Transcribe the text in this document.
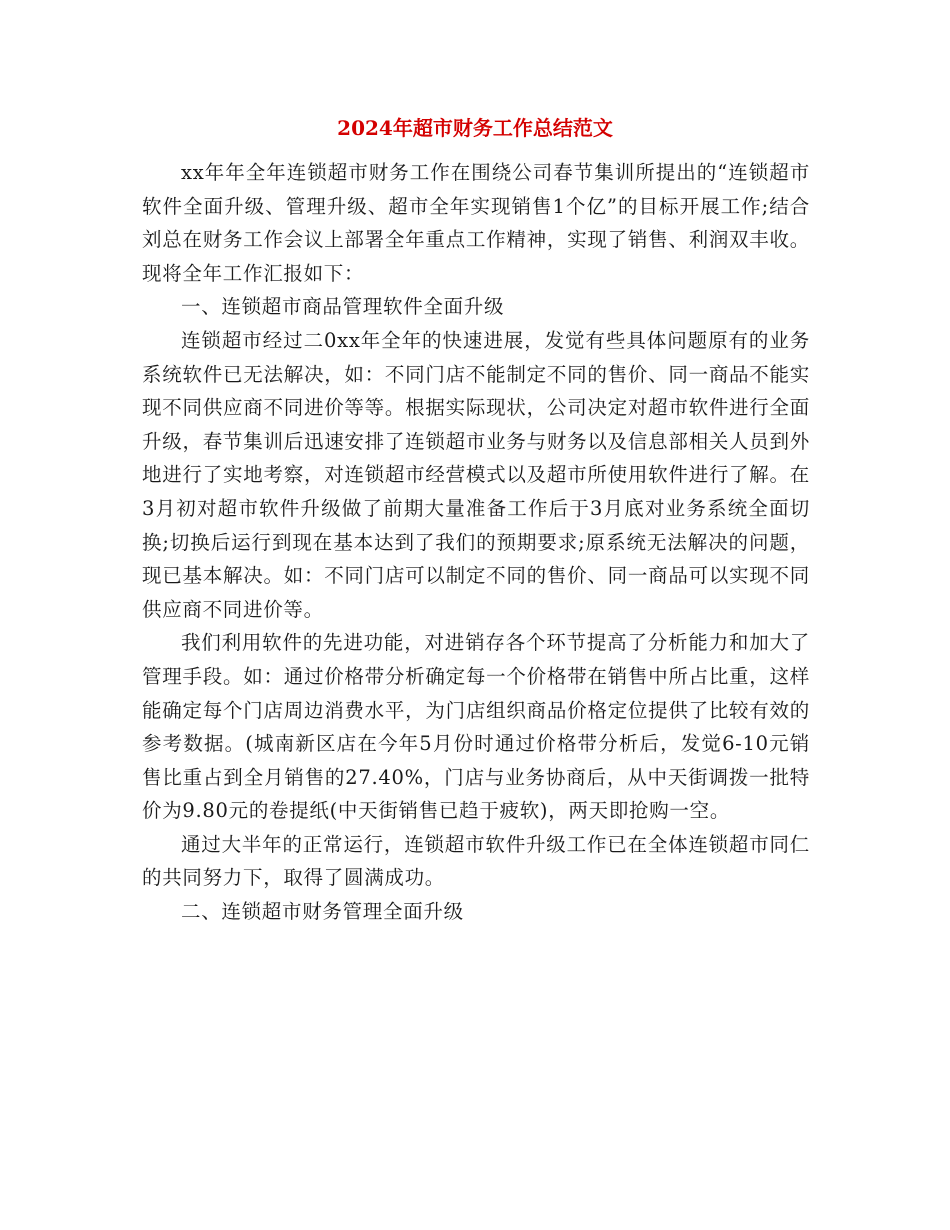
2024年超市财务工作总结范文

xx年年全年连锁超市财务工作在围绕公司春节集训所提出的“连锁超市软件全面升级、管理升级、超市全年实现销售1个亿”的目标开展工作;结合刘总在财务工作会议上部署全年重点工作精神，实现了销售、利润双丰收。现将全年工作汇报如下：

一、连锁超市商品管理软件全面升级

连锁超市经过二0xx年全年的快速进展，发觉有些具体问题原有的业务系统软件已无法解决，如：不同门店不能制定不同的售价、同一商品不能实现不同供应商不同进价等等。根据实际现状，公司决定对超市软件进行全面升级，春节集训后迅速安排了连锁超市业务与财务以及信息部相关人员到外地进行了实地考察，对连锁超市经营模式以及超市所使用软件进行了解。在3月初对超市软件升级做了前期大量准备工作后于3月底对业务系统全面切换;切换后运行到现在基本达到了我们的预期要求;原系统无法解决的问题，现已基本解决。如：不同门店可以制定不同的售价、同一商品可以实现不同供应商不同进价等。

我们利用软件的先进功能，对进销存各个环节提高了分析能力和加大了管理手段。如：通过价格带分析确定每一个价格带在销售中所占比重，这样能确定每个门店周边消费水平，为门店组织商品价格定位提供了比较有效的参考数据。(城南新区店在今年5月份时通过价格带分析后，发觉6-10元销售比重占到全月销售的27.40%，门店与业务协商后，从中天街调拨一批特价为9.80元的卷提纸(中天街销售已趋于疲软)，两天即抢购一空。

通过大半年的正常运行，连锁超市软件升级工作已在全体连锁超市同仁的共同努力下，取得了圆满成功。

二、连锁超市财务管理全面升级
